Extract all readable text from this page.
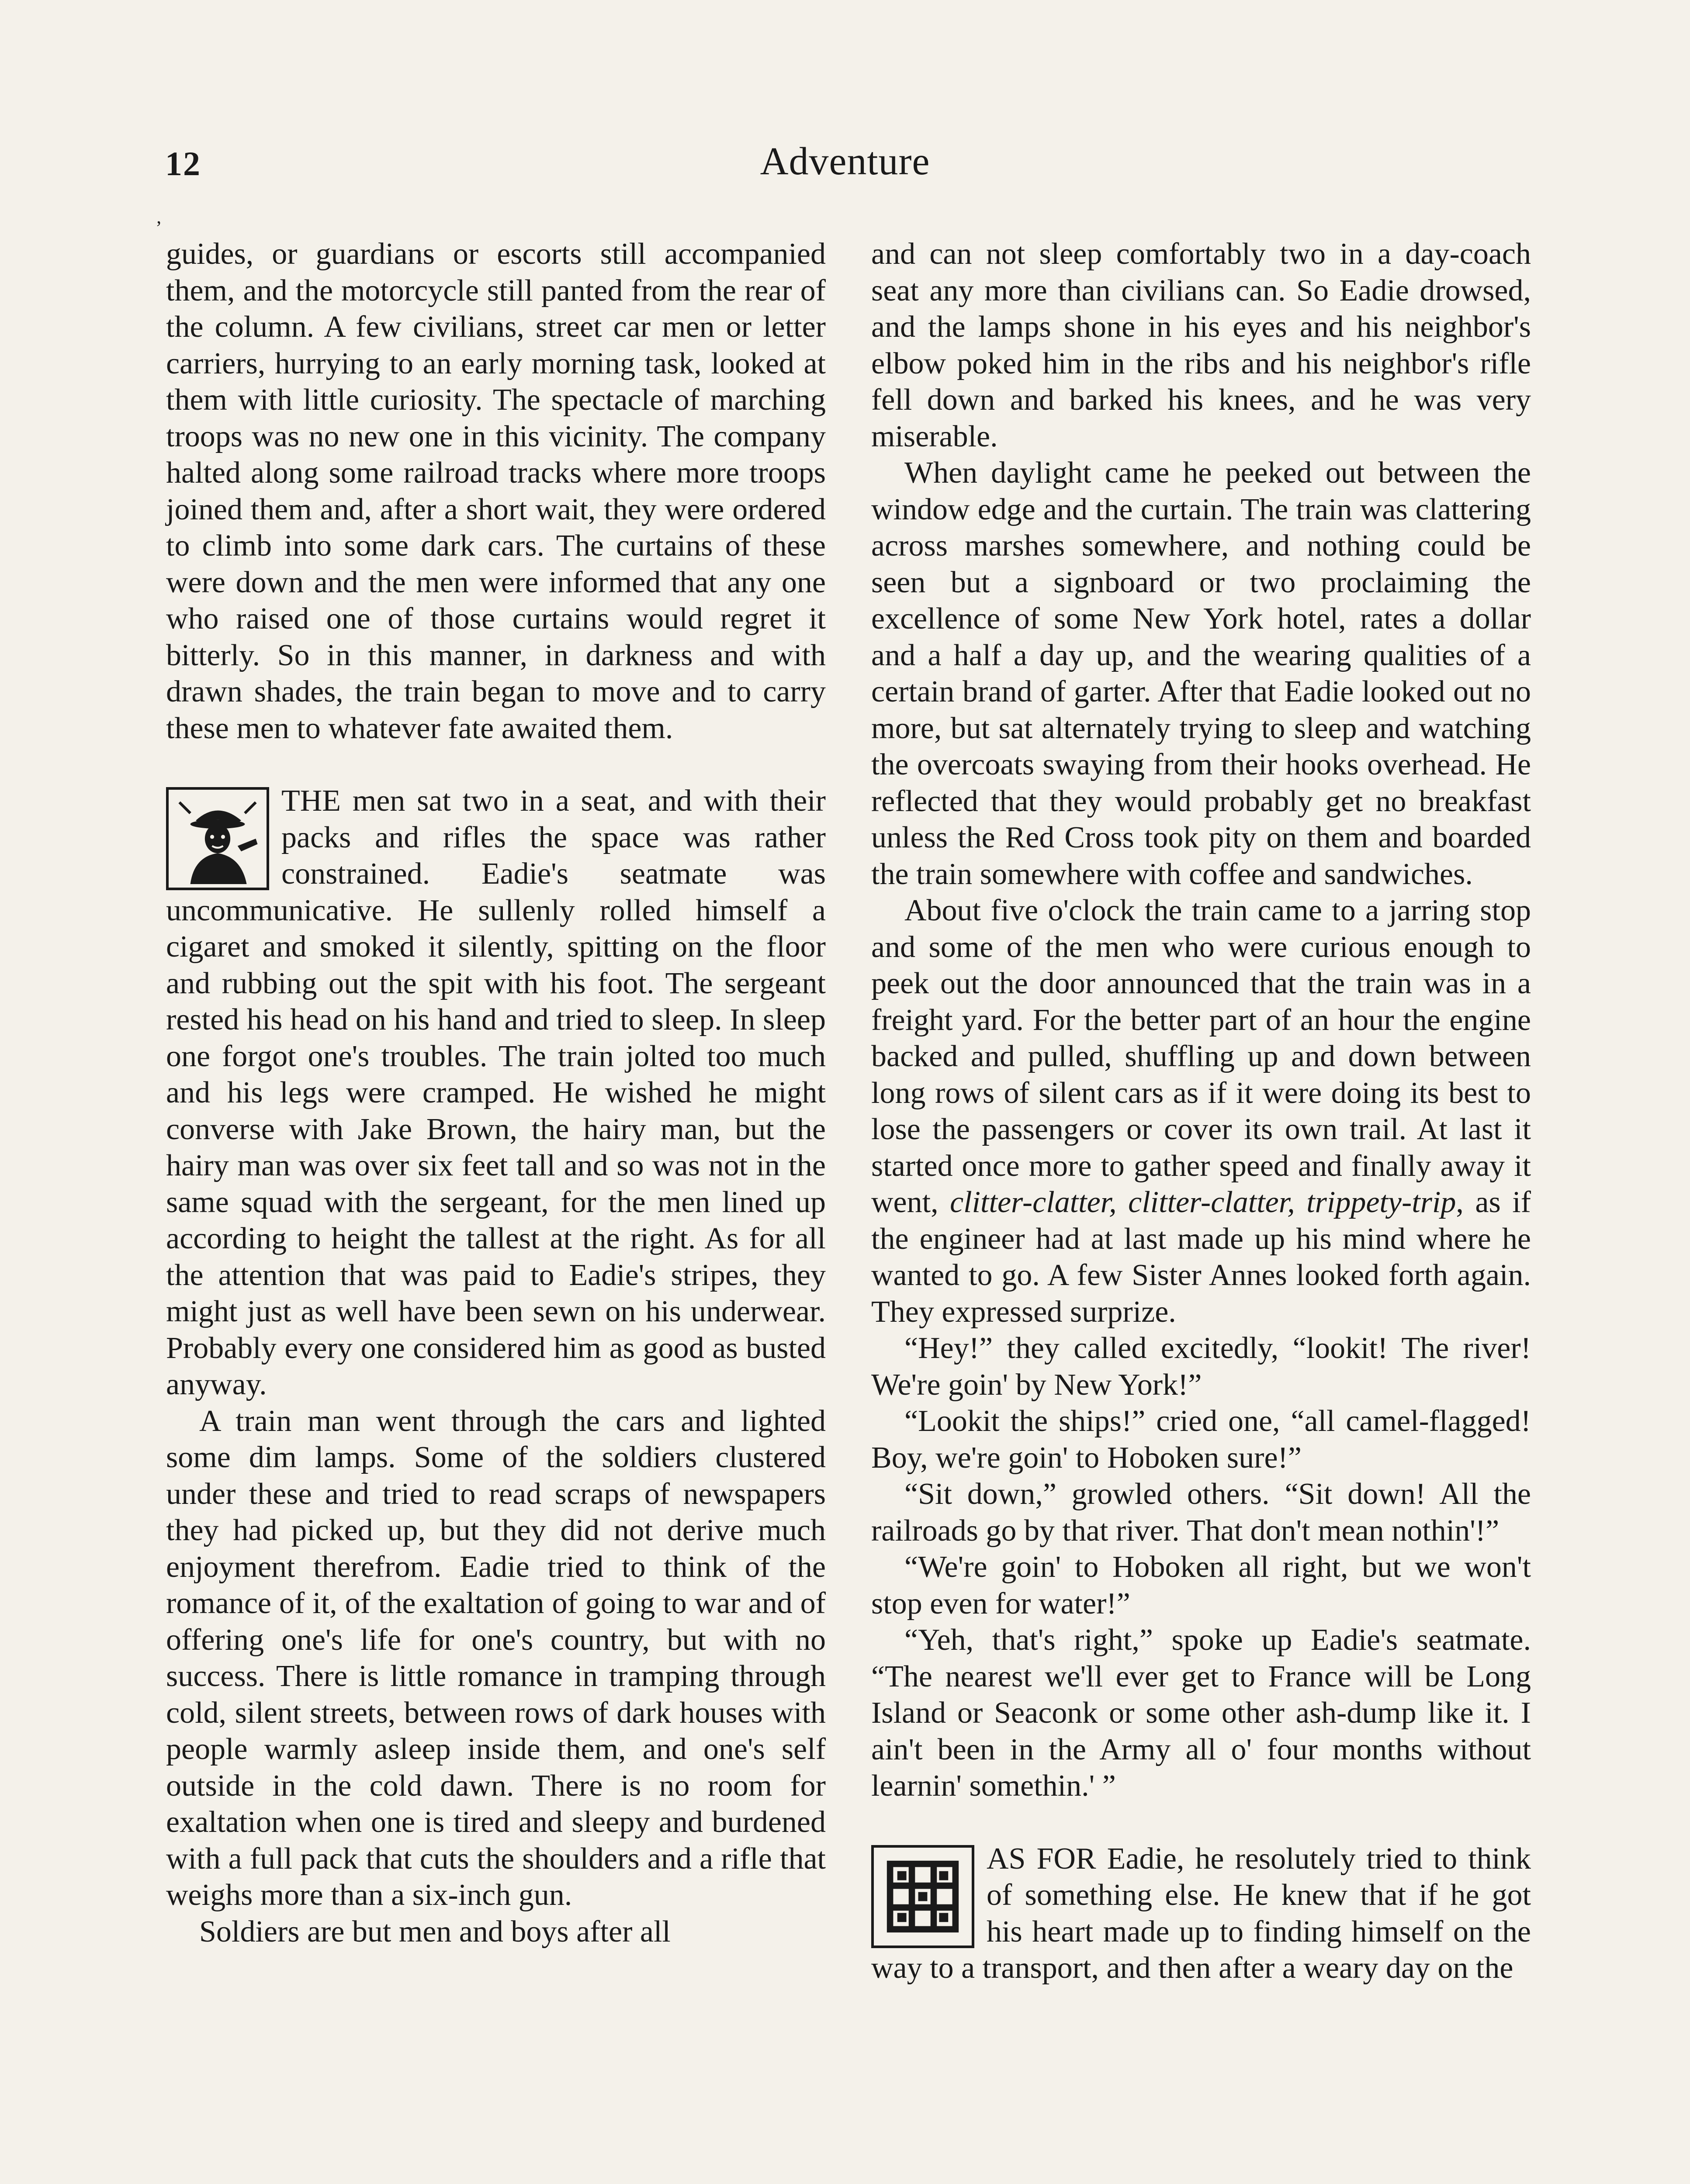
12	Adventure
ʼ

guides, or guardians or escorts still accompanied them, and the motorcycle still panted from the rear of the column. A few civilians, street car men or letter carriers, hurrying to an early morning task, looked at them with little curiosity. The spectacle of marching troops was no new one in this vicinity. The company halted along some railroad tracks where more troops joined them and, after a short wait, they were ordered to climb into some dark cars. The curtains of these were down and the men were informed that any one who raised one of those curtains would regret it bitterly. So in this manner, in darkness and with drawn shades, the train began to move and to carry these men to whatever fate awaited them.

THE men sat two in a seat, and with their packs and rifles the space was rather constrained. Eadie's seatmate was uncommunicative. He sullenly rolled himself a cigaret and smoked it silently, spitting on the floor and rubbing out the spit with his foot. The sergeant rested his head on his hand and tried to sleep. In sleep one forgot one's troubles. The train jolted too much and his legs were cramped. He wished he might converse with Jake Brown, the hairy man, but the hairy man was over six feet tall and so was not in the same squad with the sergeant, for the men lined up according to height the tallest at the right. As for all the attention that was paid to Eadie's stripes, they might just as well have been sewn on his underwear. Probably every one considered him as good as busted anyway.

A train man went through the cars and lighted some dim lamps. Some of the soldiers clustered under these and tried to read scraps of newspapers they had picked up, but they did not derive much enjoyment therefrom. Eadie tried to think of the romance of it, of the exaltation of going to war and of offering one's life for one's country, but with no success. There is little romance in tramping through cold, silent streets, between rows of dark houses with people warmly asleep inside them, and one's self outside in the cold dawn. There is no room for exaltation when one is tired and sleepy and burdened with a full pack that cuts the shoulders and a rifle that weighs more than a six-inch gun.

Soldiers are but men and boys after all

and can not sleep comfortably two in a day-coach seat any more than civilians can. So Eadie drowsed, and the lamps shone in his eyes and his neighbor's elbow poked him in the ribs and his neighbor's rifle fell down and barked his knees, and he was very miserable.

When daylight came he peeked out between the window edge and the curtain. The train was clattering across marshes somewhere, and nothing could be seen but a signboard or two proclaiming the excellence of some New York hotel, rates a dollar and a half a day up, and the wearing qualities of a certain brand of garter. After that Eadie looked out no more, but sat alternately trying to sleep and watching the overcoats swaying from their hooks overhead. He reflected that they would probably get no breakfast unless the Red Cross took pity on them and boarded the train somewhere with coffee and sandwiches.

About five o'clock the train came to a jarring stop and some of the men who were curious enough to peek out the door announced that the train was in a freight yard. For the better part of an hour the engine backed and pulled, shuffling up and down between long rows of silent cars as if it were doing its best to lose the passengers or cover its own trail. At last it started once more to gather speed and finally away it went, clitter-clatter, clitter-clatter, trippety-trip, as if the engineer had at last made up his mind where he wanted to go. A few Sister Annes looked forth again. They expressed surprize.

“Hey!” they called excitedly, “lookit! The river! We're goin' by New York!”

“Lookit the ships!” cried one, “all camel-flagged! Boy, we're goin' to Hoboken sure!”

“Sit down,” growled others. “Sit down! All the railroads go by that river. That don't mean nothin'!”

“We're goin' to Hoboken all right, but we won't stop even for water!”

“Yeh, that's right,” spoke up Eadie's seatmate. “The nearest we'll ever get to France will be Long Island or Seaconk or some other ash-dump like it. I ain't been in the Army all o' four months without learnin' somethin.' ”

AS FOR Eadie, he resolutely tried to think of something else. He knew that if he got his heart made up to finding himself on the way to a transport, and then after a weary day on the
